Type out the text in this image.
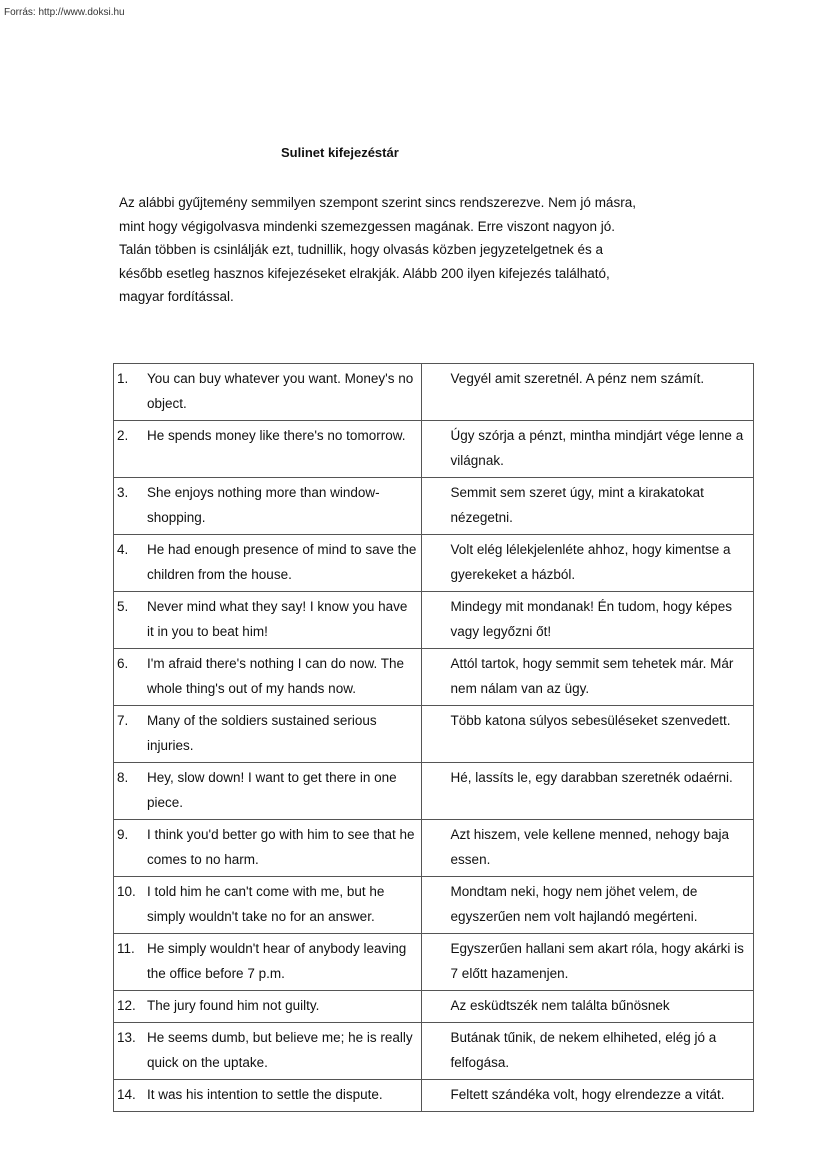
Forrás: http://www.doksi.hu
Sulinet kifejezéstár

Az alábbi gyűjtemény semmilyen szempont szerint sincs rendszerezve. Nem jó másra,
mint hogy végigolvasva mindenki szemezgessen magának. Erre viszont nagyon jó.
Talán többen is csinlálják ezt, tudnillik, hogy olvasás közben jegyzetelgetnek és a
később esetleg hasznos kifejezéseket elrakják. Alább 200 ilyen kifejezés található,
magyar fordítással.

1. You can buy whatever you want. Money's no object.	Vegyél amit szeretnél. A pénz nem számít.

2. He spends money like there's no tomorrow.	Úgy szórja a pénzt, mintha mindjárt vége lenne a világnak.

3. She enjoys nothing more than window-shopping.	Semmit sem szeret úgy, mint a kirakatokat nézegetni.

4. He had enough presence of mind to save the children from the house.	Volt elég lélekjelenléte ahhoz, hogy kimentse a gyerekeket a házból.

5. Never mind what they say! I know you have it in you to beat him!	Mindegy mit mondanak! Én tudom, hogy képes vagy legyőzni őt!

6. I'm afraid there's nothing I can do now. The whole thing's out of my hands now.	Attól tartok, hogy semmit sem tehetek már. Már nem nálam van az ügy.

7. Many of the soldiers sustained serious injuries.	Több katona súlyos sebesüléseket szenvedett.

8. Hey, slow down! I want to get there in one piece.	Hé, lassíts le, egy darabban szeretnék odaérni.

9. I think you'd better go with him to see that he comes to no harm.	Azt hiszem, vele kellene menned, nehogy baja essen.

10. I told him he can't come with me, but he simply wouldn't take no for an answer.	Mondtam neki, hogy nem jöhet velem, de egyszerűen nem volt hajlandó megérteni.

11. He simply wouldn't hear of anybody leaving the office before 7 p.m.	Egyszerűen hallani sem akart róla, hogy akárki is 7 előtt hazamenjen.

12. The jury found him not guilty.	Az esküdtszék nem találta bűnösnek

13. He seems dumb, but believe me; he is really quick on the uptake.	Butának tűnik, de nekem elhiheted, elég jó a felfogása.

14. It was his intention to settle the dispute.	Feltett szándéka volt, hogy elrendezze a vitát.
